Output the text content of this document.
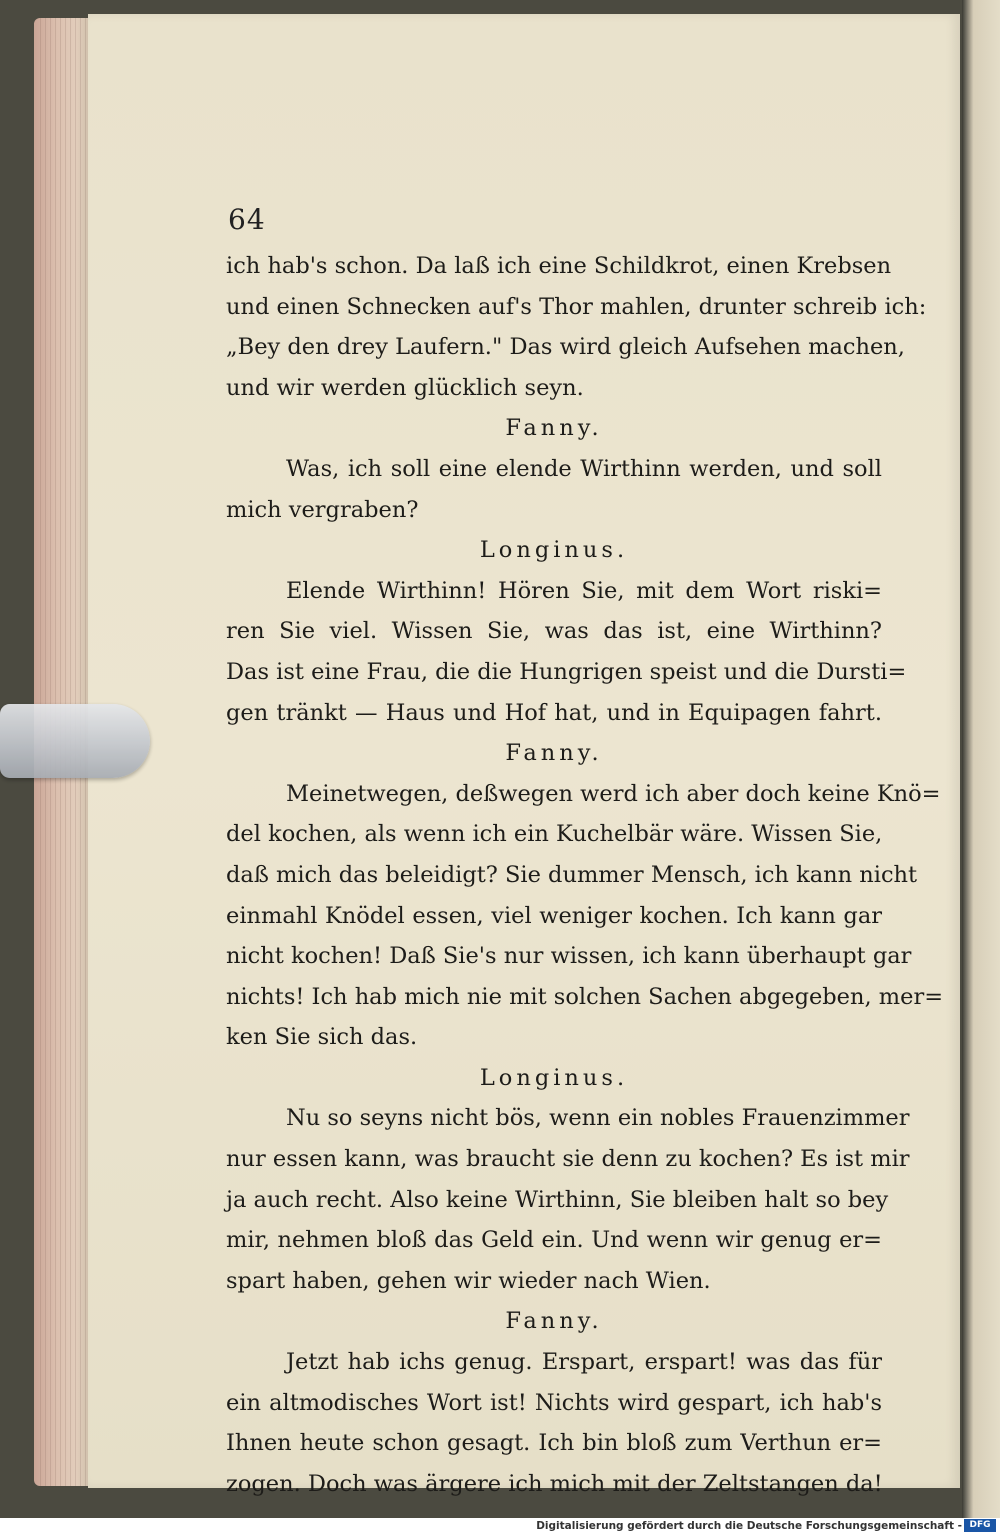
64
ich hab's schon. Da laß ich eine Schildkrot, einen Krebsen
und einen Schnecken auf's Thor mahlen, drunter schreib ich:
„Bey den drey Laufern." Das wird gleich Aufsehen machen,
und wir werden glücklich seyn.
Fanny.
Was, ich soll eine elende Wirthinn werden, und soll
mich vergraben?
Longinus.
Elende Wirthinn! Hören Sie, mit dem Wort riski=
ren Sie viel. Wissen Sie, was das ist, eine Wirthinn?
Das ist eine Frau, die die Hungrigen speist und die Dursti=
gen tränkt — Haus und Hof hat, und in Equipagen fahrt.
Fanny.
Meinetwegen, deßwegen werd ich aber doch keine Knö=
del kochen, als wenn ich ein Kuchelbär wäre. Wissen Sie,
daß mich das beleidigt? Sie dummer Mensch, ich kann nicht
einmahl Knödel essen, viel weniger kochen. Ich kann gar
nicht kochen! Daß Sie's nur wissen, ich kann überhaupt gar
nichts! Ich hab mich nie mit solchen Sachen abgegeben, mer=
ken Sie sich das.
Longinus.
Nu so seyns nicht bös, wenn ein nobles Frauenzimmer
nur essen kann, was braucht sie denn zu kochen? Es ist mir
ja auch recht. Also keine Wirthinn, Sie bleiben halt so bey
mir, nehmen bloß das Geld ein. Und wenn wir genug er=
spart haben, gehen wir wieder nach Wien.
Fanny.
Jetzt hab ichs genug. Erspart, erspart! was das für
ein altmodisches Wort ist! Nichts wird gespart, ich hab's
Ihnen heute schon gesagt. Ich bin bloß zum Verthun er=
zogen. Doch was ärgere ich mich mit der Zeltstangen da!
Digitalisierung gefördert durch die Deutsche Forschungsgemeinschaft - DFG
